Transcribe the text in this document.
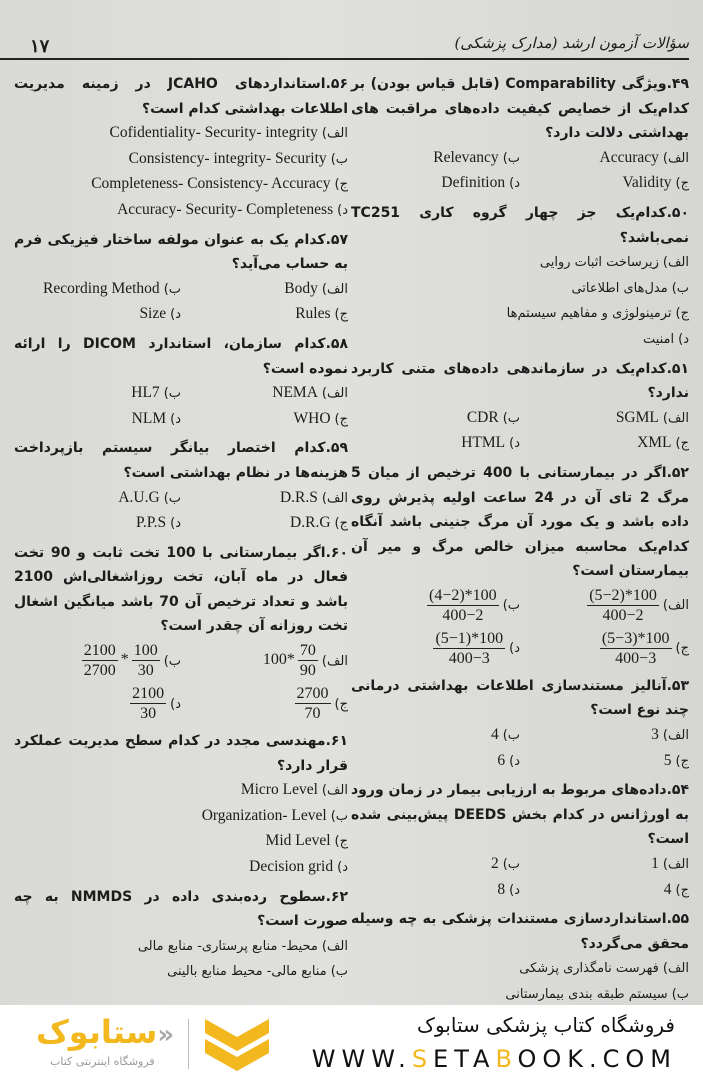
سؤالات آزمون ارشد (مدارک پزشکی)
۱۷
۴۹.ویژگی Comparability (قابل قیاس بودن) بر کدام‌یک از خصایص کیفیت داده‌های مراقبت های بهداشتی دلالت دارد؟
الف)Accuracy
ب)Relevancy
ج)Validity
د)Definition
۵۰.کدام‌یک جز چهار گروه کاری TC251 نمی‌باشد؟
الف)زیرساخت اثبات روایی
ب)مدل‌های اطلاعاتی
ج)ترمینولوژی و مفاهیم سیستم‌ها
د)امنیت
۵۱.کدام‌یک در سازماندهی داده‌های متنی کاربرد ندارد؟
الف)SGML
ب)CDR
ج)XML
د)HTML
۵۲.اگر در بیمارستانی با 400 ترخیص از میان 5 مرگ 2 تای آن در 24 ساعت اولیه پذیرش روی داده باشد و یک مورد آن مرگ جنینی باشد آنگاه کدام‌یک محاسبه میزان خالص مرگ و میر آن بیمارستان است؟
الف)
$\frac{(5-2)*100}{400-2}$
ب)
$\frac{(4-2)*100}{400-2}$
ج)
$\frac{(5-3)*100}{400-3}$
د)
$\frac{(5-1)*100}{400-3}$
۵۳.آنالیز مستندسازی اطلاعات بهداشتی درمانی چند نوع است؟
الف)3
ب)4
ج)5
د)6
۵۴.داده‌های مربوط به ارزیابی بیمار در زمان ورود به اورژانس در کدام بخش DEEDS پیش‌بینی شده است؟
الف)1
ب)2
ج)4
د)8
۵۵.استانداردسازی مستندات پزشکی به چه وسیله محقق می‌گردد؟
الف)فهرست نامگذاری پزشکی
ب)سیستم طبقه بندی بیمارستانی
۵۶.استانداردهای JCAHO در زمینه مدیریت اطلاعات بهداشتی کدام است؟
الف)Cofidentiality- Security- integrity
ب)Consistency- integrity- Security
ج)Completeness- Consistency- Accuracy
د)Accuracy- Security- Completeness
۵۷.کدام یک به عنوان مولفه ساختار فیزیکی فرم به حساب می‌آید؟
الف)Body
ب)Recording Method
ج)Rules
د)Size
۵۸.کدام سازمان، استاندارد DICOM را ارائه نموده است؟
الف)NEMA
ب)HL7
ج)WHO
د)NLM
۵۹.کدام اختصار بیانگر سیستم بازپرداخت هزینه‌ها در نظام بهداشتی است؟
الف)D.R.S
ب)A.U.G
ج)D.R.G
د)P.P.S
۶۰.اگر بیمارستانی با 100 تخت ثابت و 90 تخت فعال در ماه آبان، تخت روزاشغالی‌اش 2100 باشد و تعداد ترخیص آن 70 باشد میانگین اشغال تخت روزانه آن چقدر است؟
الف)
$100* \frac{70}{90}$
ب)
$\frac{2100}{2700} * \frac{100}{30}$
ج)
$\frac{2700}{70}$
د)
$\frac{2100}{30}$
۶۱.مهندسی مجدد در کدام سطح مدیریت عملکرد قرار دارد؟
الف)Micro Level
ب)Organization- Level
ج)Mid Level
د)Decision grid
۶۲.سطوح رده‌بندی داده در NMMDS به چه صورت است؟
الف)محیط- منابع پرستاری- منابع مالی
ب)منابع مالی- محیط منابع بالینی
«ستابوک
فروشگاه اینترنتی کتاب
فروشگاه کتاب پزشکی ستابوک
WWW.SETABOOK.COM
